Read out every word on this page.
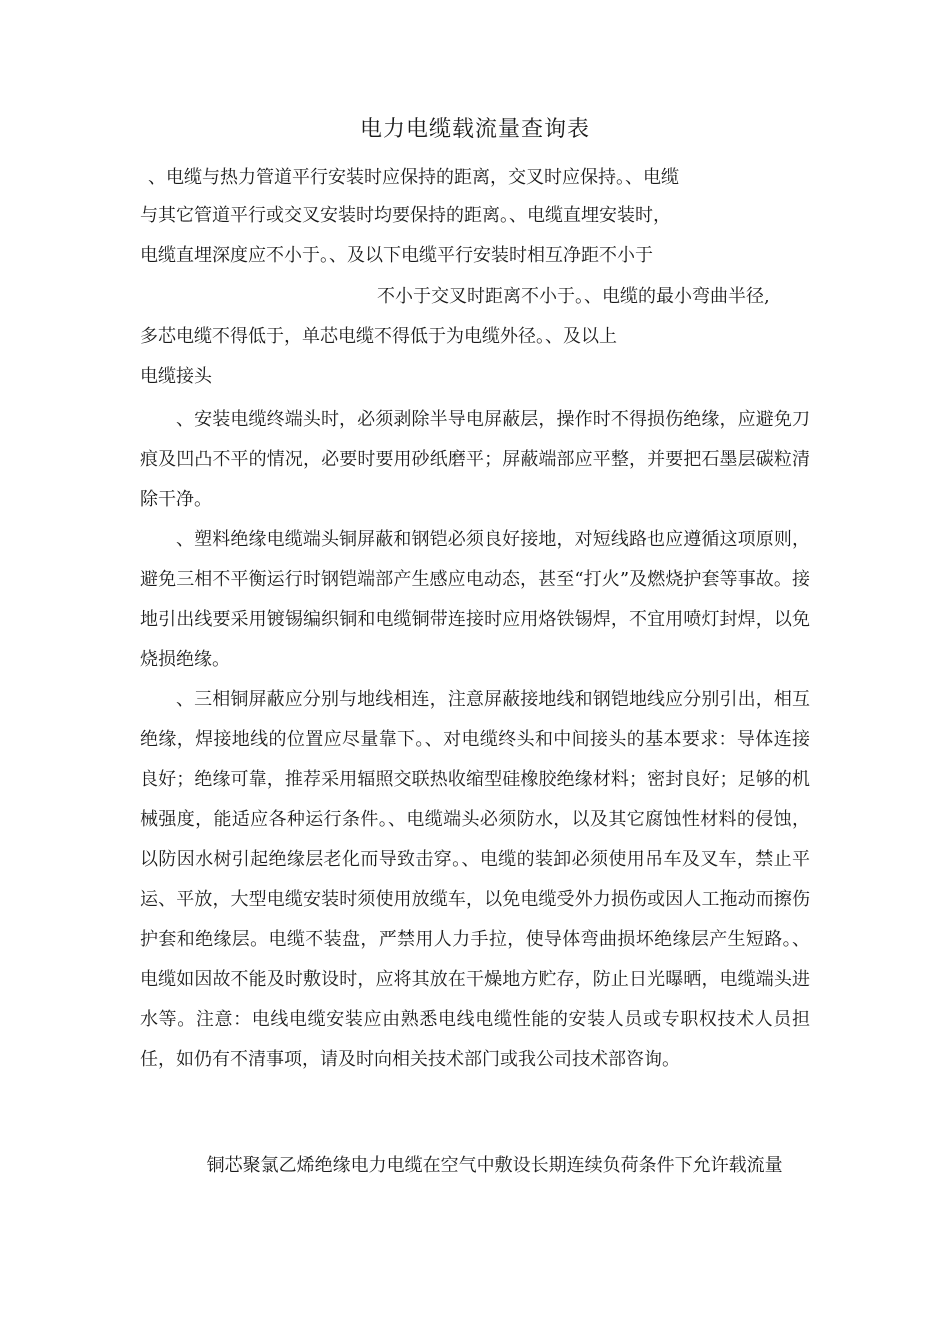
电力电缆载流量查询表

、电缆与热力管道平行安装时应保持的距离，交叉时应保持。、电缆

与其它管道平行或交叉安装时均要保持的距离。、电缆直埋安装时，

电缆直埋深度应不小于。、及以下电缆平行安装时相互净距不小于

不小于交叉时距离不小于。、电缆的最小弯曲半径,

多芯电缆不得低于，单芯电缆不得低于为电缆外径。、及以上

电缆接头

、安装电缆终端头时，必须剥除半导电屏蔽层，操作时不得损伤绝缘，应避免刀痕及凹凸不平的情况，必要时要用砂纸磨平；屏蔽端部应平整，并要把石墨层碳粒清除干净。

、塑料绝缘电缆端头铜屏蔽和钢铠必须良好接地，对短线路也应遵循这项原则，避免三相不平衡运行时钢铠端部产生感应电动态，甚至“打火”及燃烧护套等事故。接地引出线要采用镀锡编织铜和电缆铜带连接时应用烙铁锡焊，不宜用喷灯封焊，以免烧损绝缘。

、三相铜屏蔽应分别与地线相连，注意屏蔽接地线和钢铠地线应分别引出，相互绝缘，焊接地线的位置应尽量靠下。、对电缆终头和中间接头的基本要求：导体连接良好；绝缘可靠，推荐采用辐照交联热收缩型硅橡胶绝缘材料；密封良好；足够的机械强度，能适应各种运行条件。、电缆端头必须防水，以及其它腐蚀性材料的侵蚀，以防因水树引起绝缘层老化而导致击穿。、电缆的装卸必须使用吊车及叉车，禁止平运、平放，大型电缆安装时须使用放缆车，以免电缆受外力损伤或因人工拖动而擦伤护套和绝缘层。电缆不装盘，严禁用人力手拉，使导体弯曲损坏绝缘层产生短路。、电缆如因故不能及时敷设时，应将其放在干燥地方贮存，防止日光曝晒，电缆端头进水等。注意：电线电缆安装应由熟悉电线电缆性能的安装人员或专职权技术人员担任，如仍有不清事项，请及时向相关技术部门或我公司技术部咨询。

铜芯聚氯乙烯绝缘电力电缆在空气中敷设长期连续负荷条件下允许载流量
